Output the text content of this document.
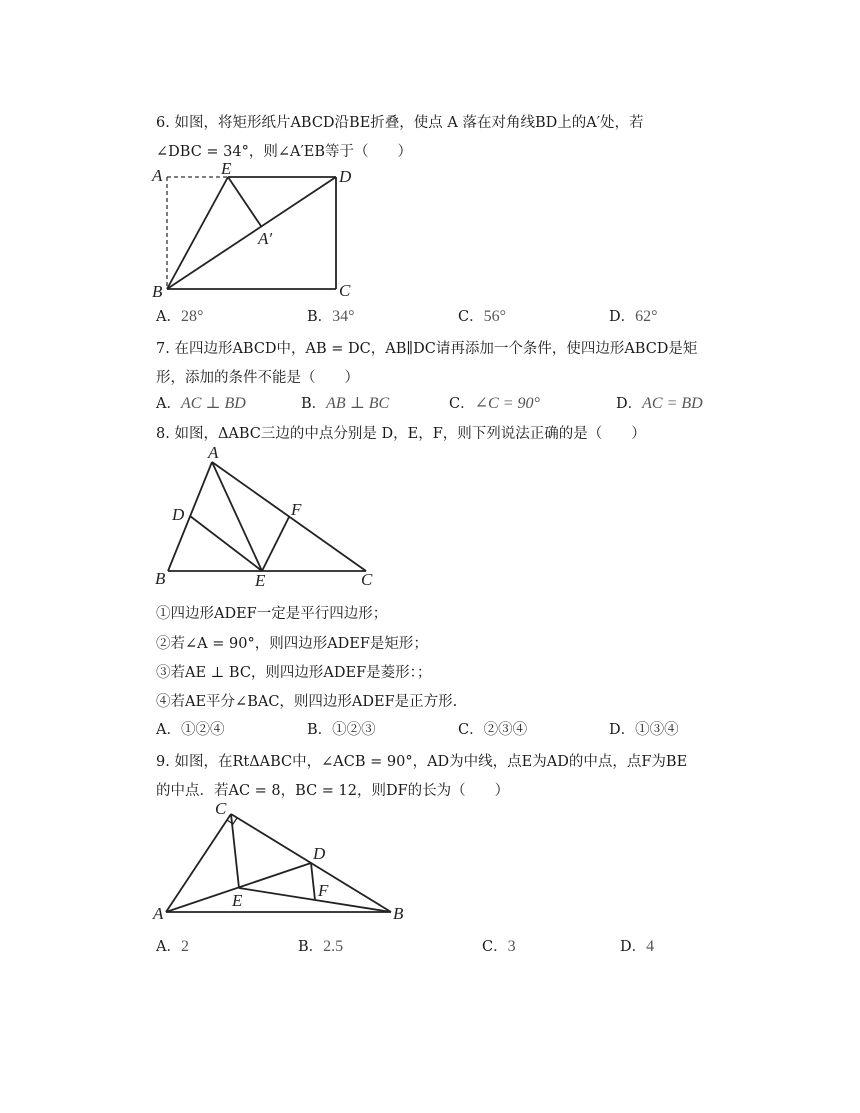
6. 如图，将矩形纸片ABCD沿BE折叠，使点 A 落在对角线BD上的A′处，若
∠DBC = 34°，则∠A′EB等于（　　）
A	E	D
A′
B	C
A．28°	B．34°	C．56°	D．62°
7. 在四边形ABCD中，AB = DC，AB∥DC请再添加一个条件，使四边形ABCD是矩
形，添加的条件不能是（　　）
A．AC ⊥ BD	B．AB ⊥ BC	C．∠C = 90°	D．AC = BD
8. 如图，ΔABC三边的中点分别是 D，E，F，则下列说法正确的是（　　）
A
D	F
B	E	C
①四边形ADEF一定是平行四边形；
②若∠A = 90°，则四边形ADEF是矩形；
③若AE ⊥ BC，则四边形ADEF是菱形：；
④若AE平分∠BAC，则四边形ADEF是正方形.
A．①②④	B．①②③	C．②③④	D．①③④
9. 如图，在RtΔABC中，∠ACB = 90°，AD为中线，点E为AD的中点，点F为BE
的中点．若AC = 8，BC = 12，则DF的长为（　　）
C
D
E
F
A	B
A．2	B．2.5	C．3	D．4
